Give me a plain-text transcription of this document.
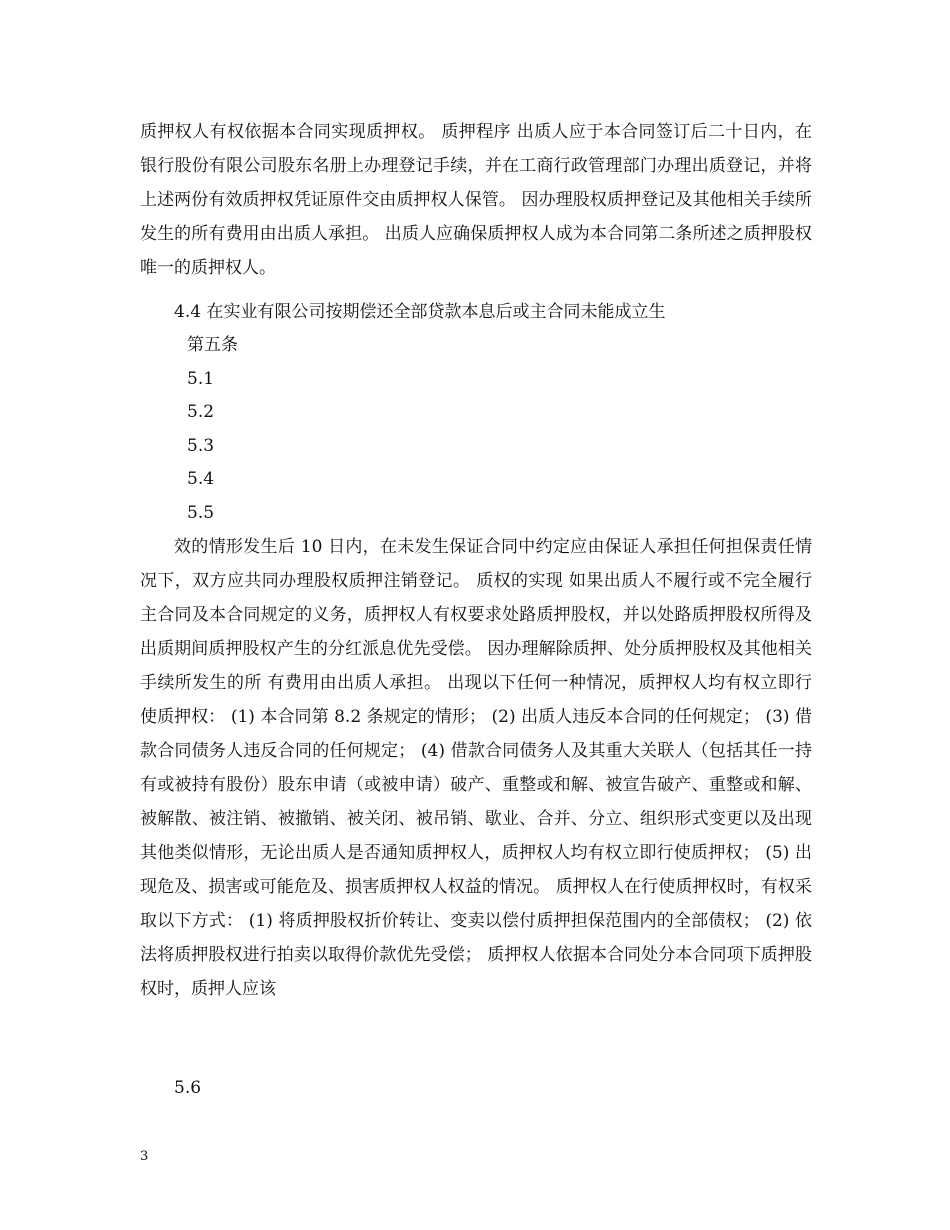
质押权人有权依据本合同实现质押权。 质押程序 出质人应于本合同签订后二十日内，在银行股份有限公司股东名册上办理登记手续，并在工商行政管理部门办理出质登记，并将上述两份有效质押权凭证原件交由质押权人保管。 因办理股权质押登记及其他相关手续所发生的所有费用由出质人承担。 出质人应确保质押权人成为本合同第二条所述之质押股权唯一的质押权人。

4.4 在实业有限公司按期偿还全部贷款本息后或主合同未能成立生

第五条

5.1

5.2

5.3

5.4

5.5

效的情形发生后 10 日内，在未发生保证合同中约定应由保证人承担任何担保责任情况下，双方应共同办理股权质押注销登记。 质权的实现 如果出质人不履行或不完全履行主合同及本合同规定的义务，质押权人有权要求处路质押股权，并以处路质押股权所得及出质期间质押股权产生的分红派息优先受偿。 因办理解除质押、处分质押股权及其他相关手续所发生的所 有费用由出质人承担。 出现以下任何一种情况，质押权人均有权立即行使质押权： (1) 本合同第 8.2 条规定的情形； (2) 出质人违反本合同的任何规定； (3) 借款合同债务人违反合同的任何规定； (4) 借款合同债务人及其重大关联人（包括其任一持有或被持有股份）股东申请（或被申请）破产、重整或和解、被宣告破产、重整或和解、被解散、被注销、被撤销、被关闭、被吊销、歇业、合并、分立、组织形式变更以及出现其他类似情形，无论出质人是否通知质押权人，质押权人均有权立即行使质押权； (5) 出现危及、损害或可能危及、损害质押权人权益的情况。 质押权人在行使质押权时，有权采取以下方式： (1) 将质押股权折价转让、变卖以偿付质押担保范围内的全部债权； (2) 依法将质押股权进行拍卖以取得价款优先受偿； 质押权人依据本合同处分本合同项下质押股权时，质押人应该

5.6

3
